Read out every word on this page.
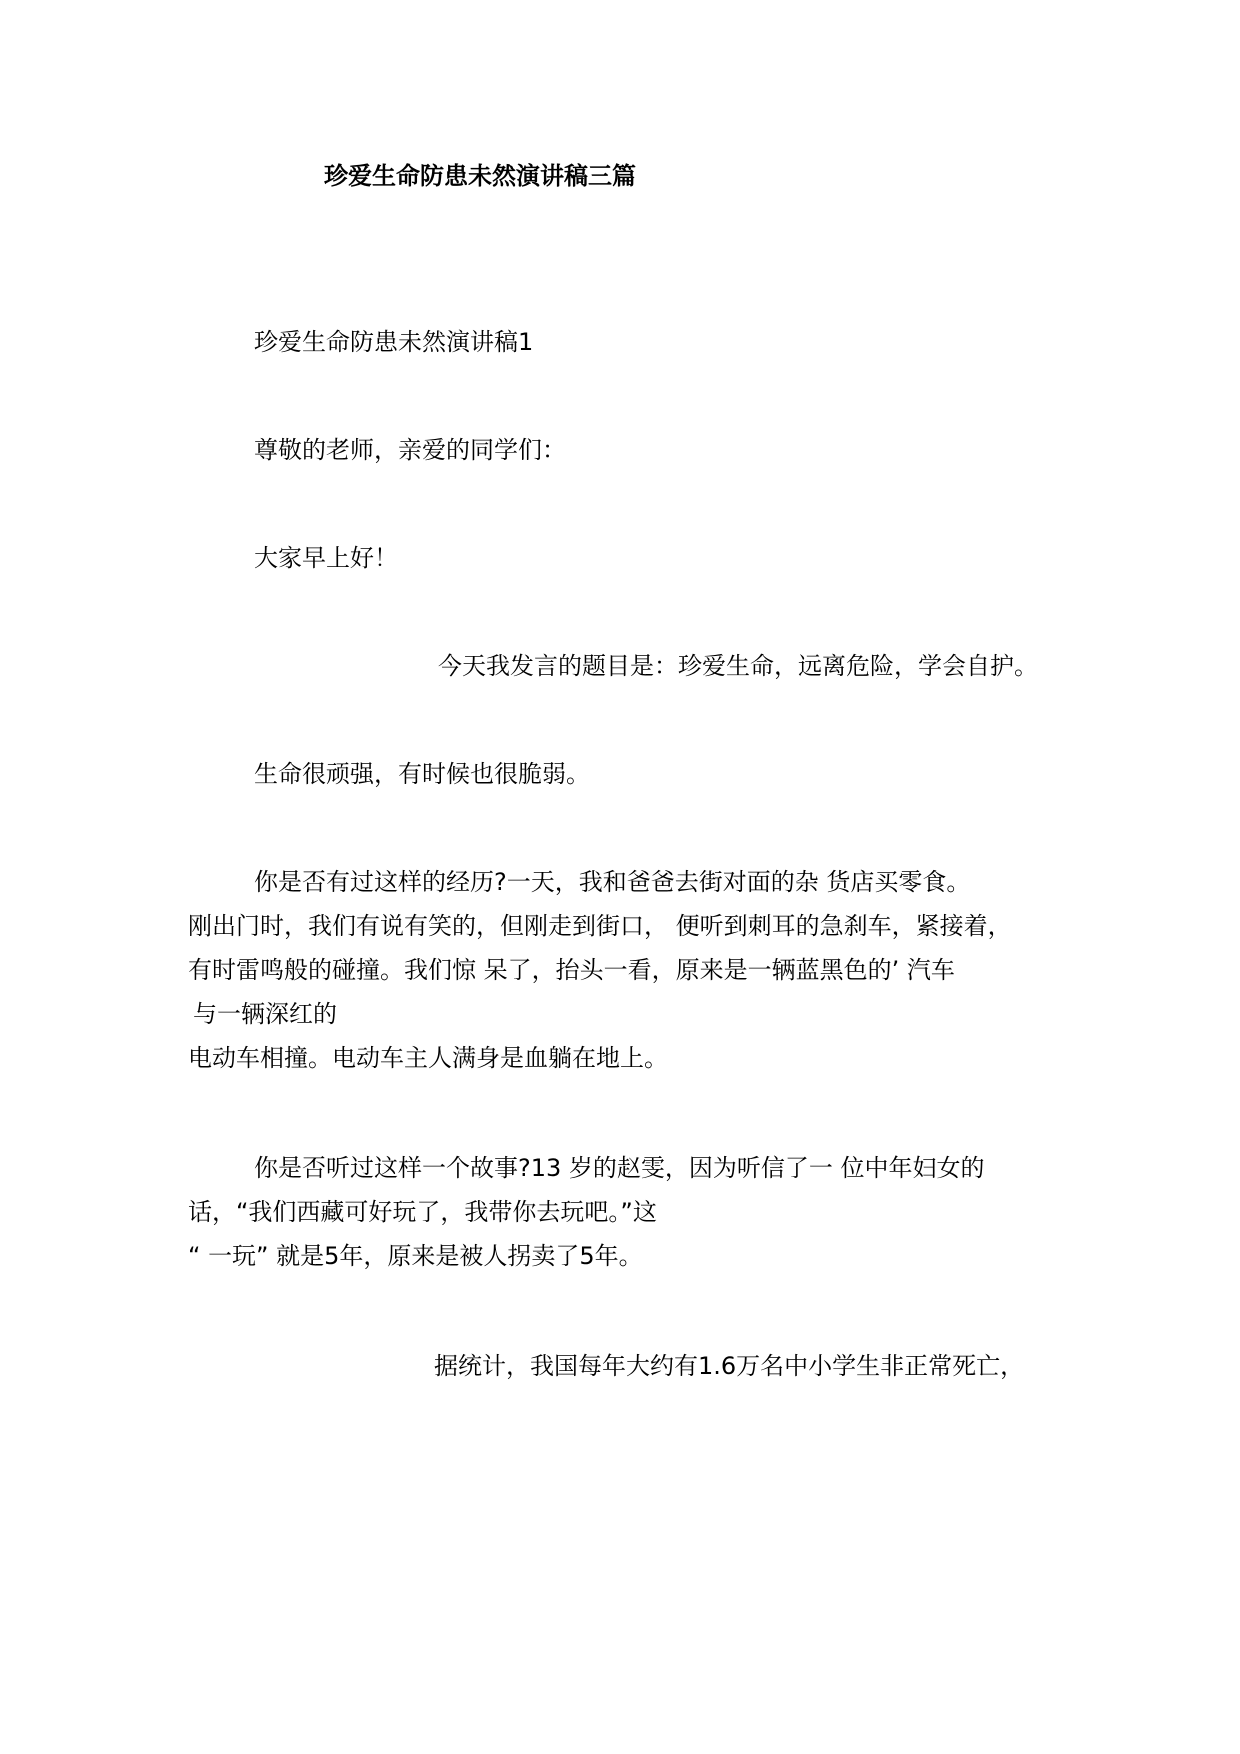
珍爱生命防患未然演讲稿三篇
珍爱生命防患未然演讲稿1
尊敬的老师，亲爱的同学们：
大家早上好！
今天我发言的题目是：珍爱生命，远离危险，学会自护。
生命很顽强，有时候也很脆弱。
你是否有过这样的经历?一天，我和爸爸去街对面的杂 货店买零食。
刚出门时，我们有说有笑的，但刚走到街口， 便听到刺耳的急刹车，紧接着，
有时雷鸣般的碰撞。我们惊 呆了，抬头一看，原来是一辆蓝黑色的’ 汽车
与一辆深红的
电动车相撞。电动车主人满身是血躺在地上。
你是否听过这样一个故事?13 岁的赵雯，因为听信了一 位中年妇女的
话，“我们西藏可好玩了，我带你去玩吧。”这
“ 一玩” 就是5年，原来是被人拐卖了5年。
据统计，我国每年大约有1.6万名中小学生非正常死亡，
